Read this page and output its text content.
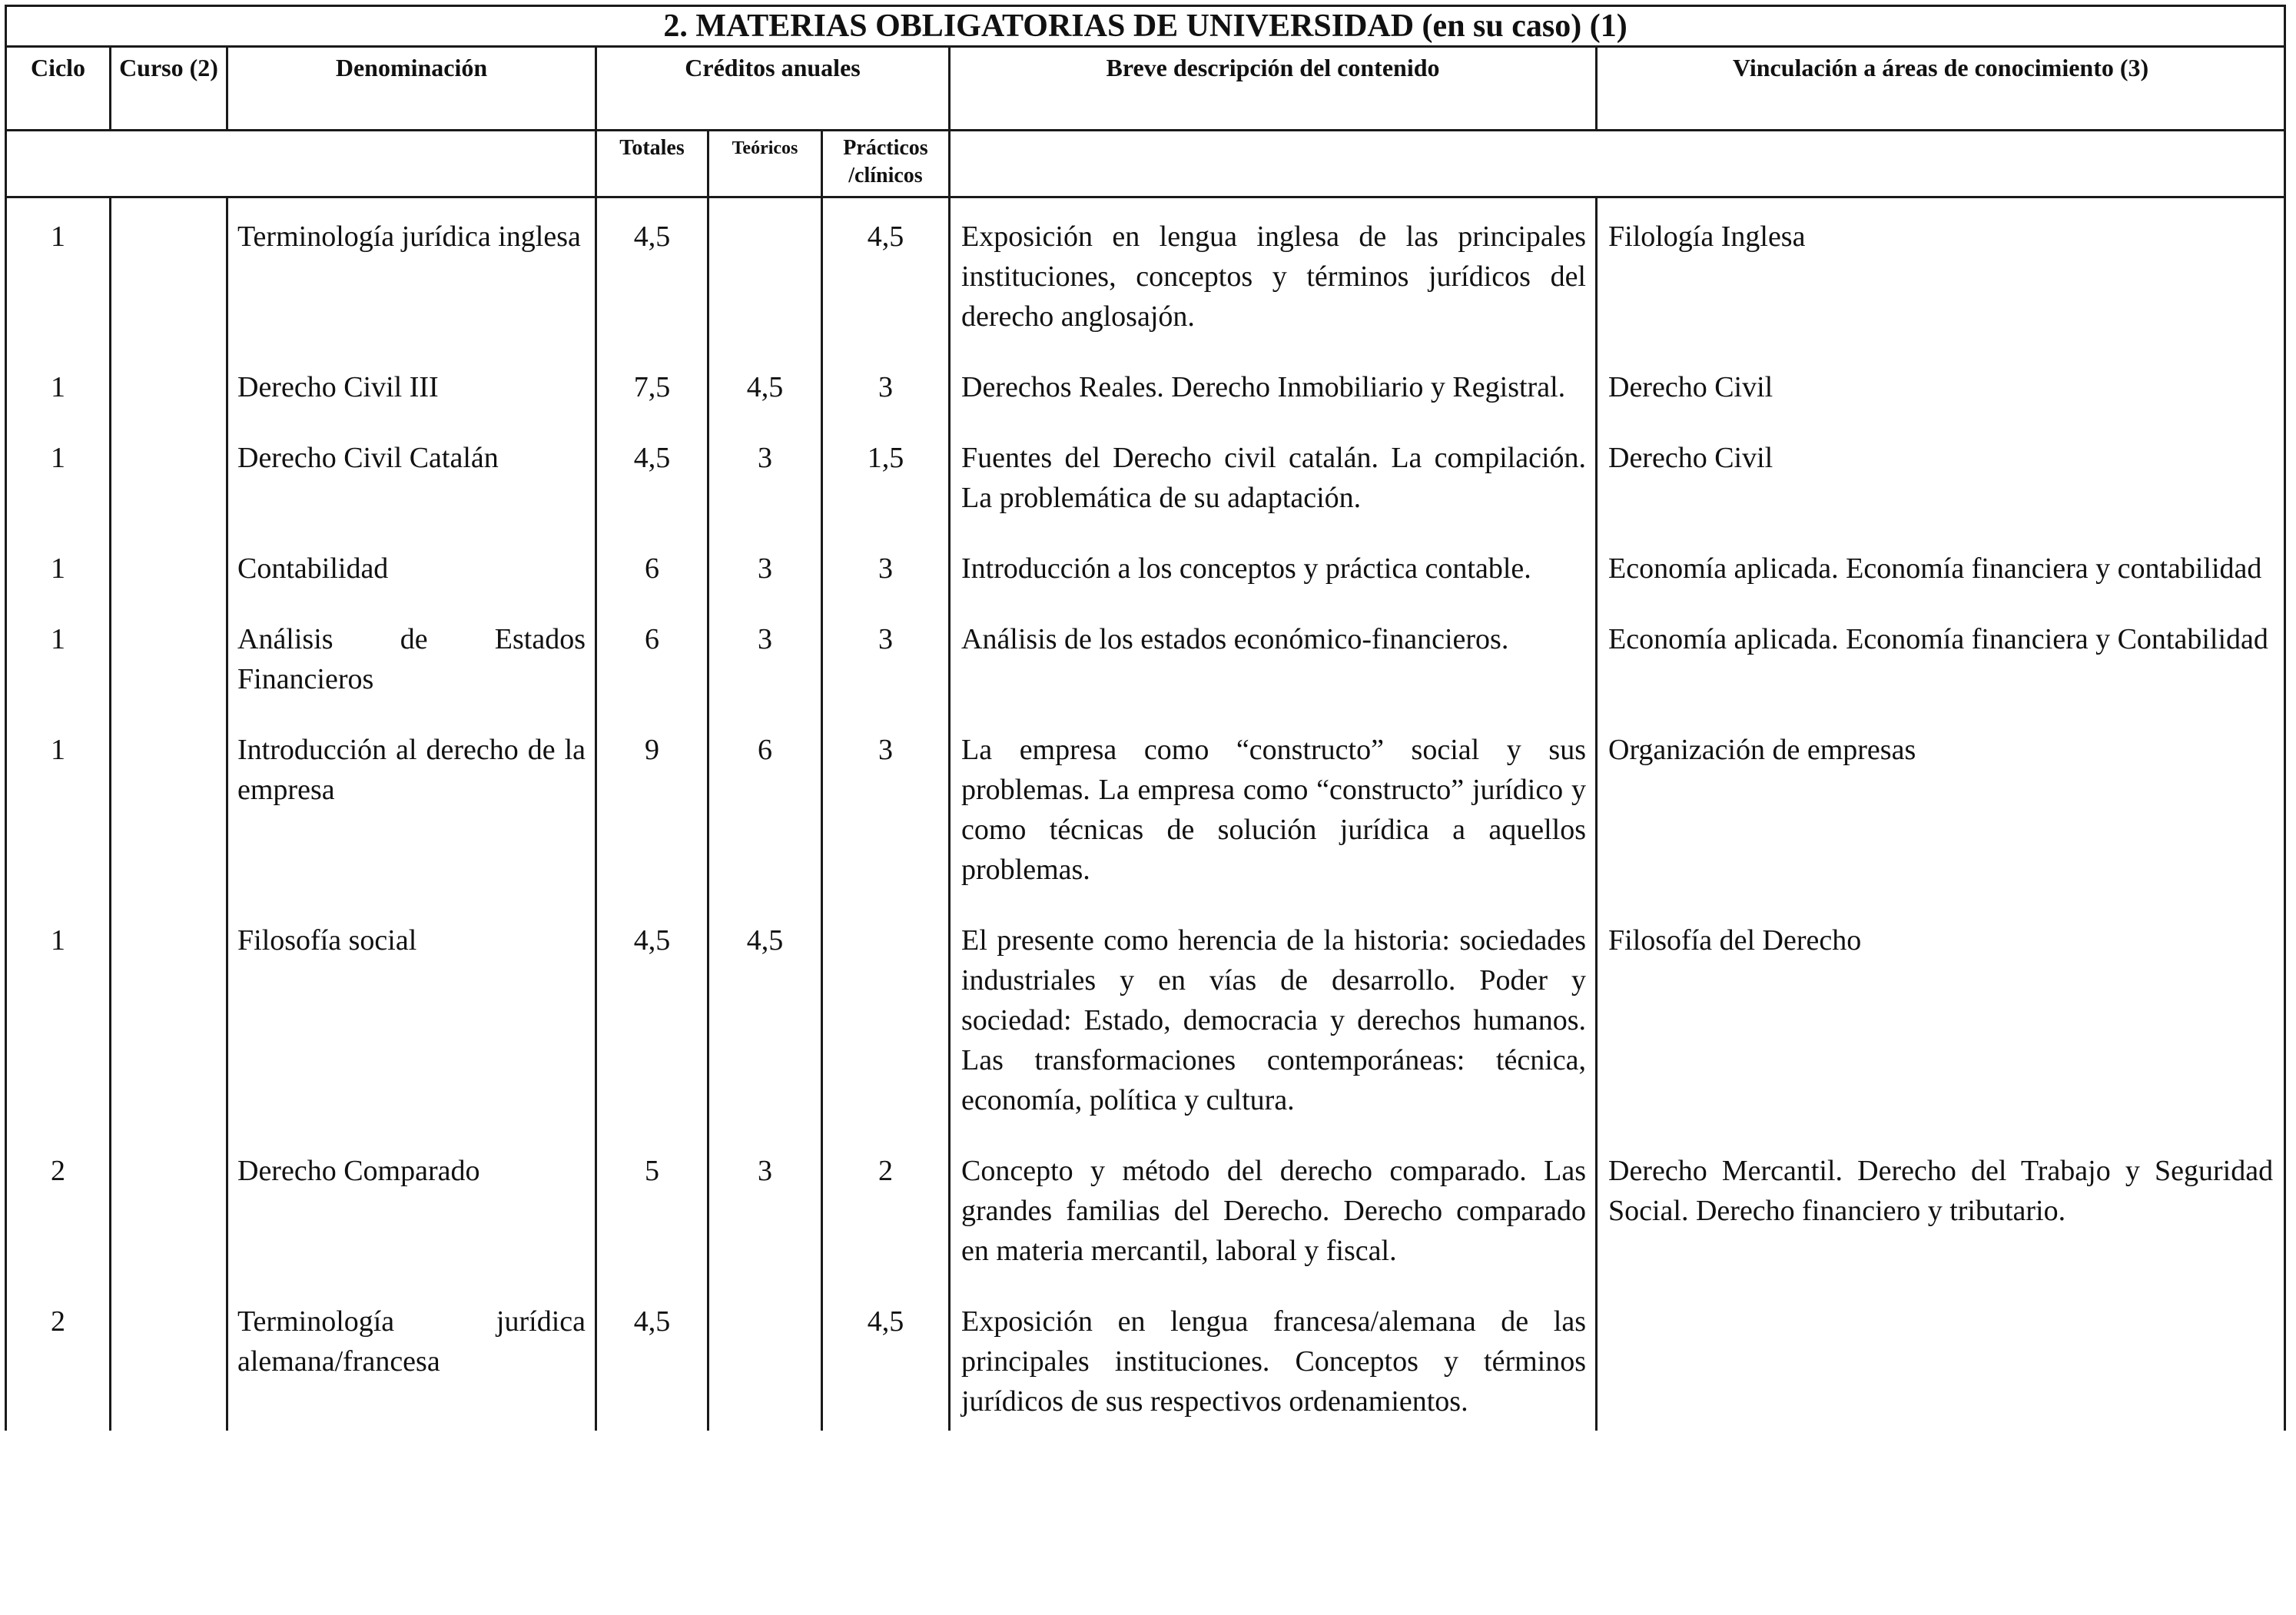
2. MATERIAS OBLIGATORIAS DE UNIVERSIDAD (en su caso) (1)							
Ciclo	Curso (2)	Denominación	Créditos anuales			Breve descripción del contenido	Vinculación a áreas de conocimiento (3)
			Totales	Teóricos	Prácticos /clínicos		
1		Terminología jurídica inglesa	4,5		4,5	Exposición en lengua inglesa de las principales instituciones, conceptos y términos jurídicos del derecho anglosajón.	Filología Inglesa

1		Derecho Civil III	7,5	4,5	3	Derechos Reales. Derecho Inmobiliario y Registral.	Derecho Civil

1		Derecho Civil Catalán	4,5	3	1,5	Fuentes del Derecho civil catalán. La compilación. La problemática de su adaptación.	Derecho Civil

1		Contabilidad	6	3	3	Introducción a los conceptos y práctica contable.	Economía aplicada. Economía financiera y contabilidad

1		Análisis de Estados Financieros	6	3	3	Análisis de los estados económico-financieros.	Economía aplicada. Economía financiera y Contabilidad

1		Introducción al derecho de la empresa	9	6	3	La empresa como “constructo” social y sus problemas. La empresa como “constructo” jurídico y como técnicas de solución jurídica a aquellos problemas.	Organización de empresas

1		Filosofía social	4,5	4,5		El presente como herencia de la historia: sociedades industriales y en vías de desarrollo. Poder y sociedad: Estado, democracia y derechos humanos. Las transformaciones contemporáneas: técnica, economía, política y cultura.	Filosofía del Derecho

2		Derecho Comparado	5	3	2	Concepto y método del derecho comparado. Las grandes familias del Derecho. Derecho comparado en materia mercantil, laboral y fiscal.	Derecho Mercantil. Derecho del Trabajo y Seguridad Social. Derecho financiero y tributario.

2		Terminología jurídica alemana/francesa	4,5		4,5	Exposición en lengua francesa/alemana de las principales instituciones. Conceptos y términos jurídicos de sus respectivos ordenamientos.	
